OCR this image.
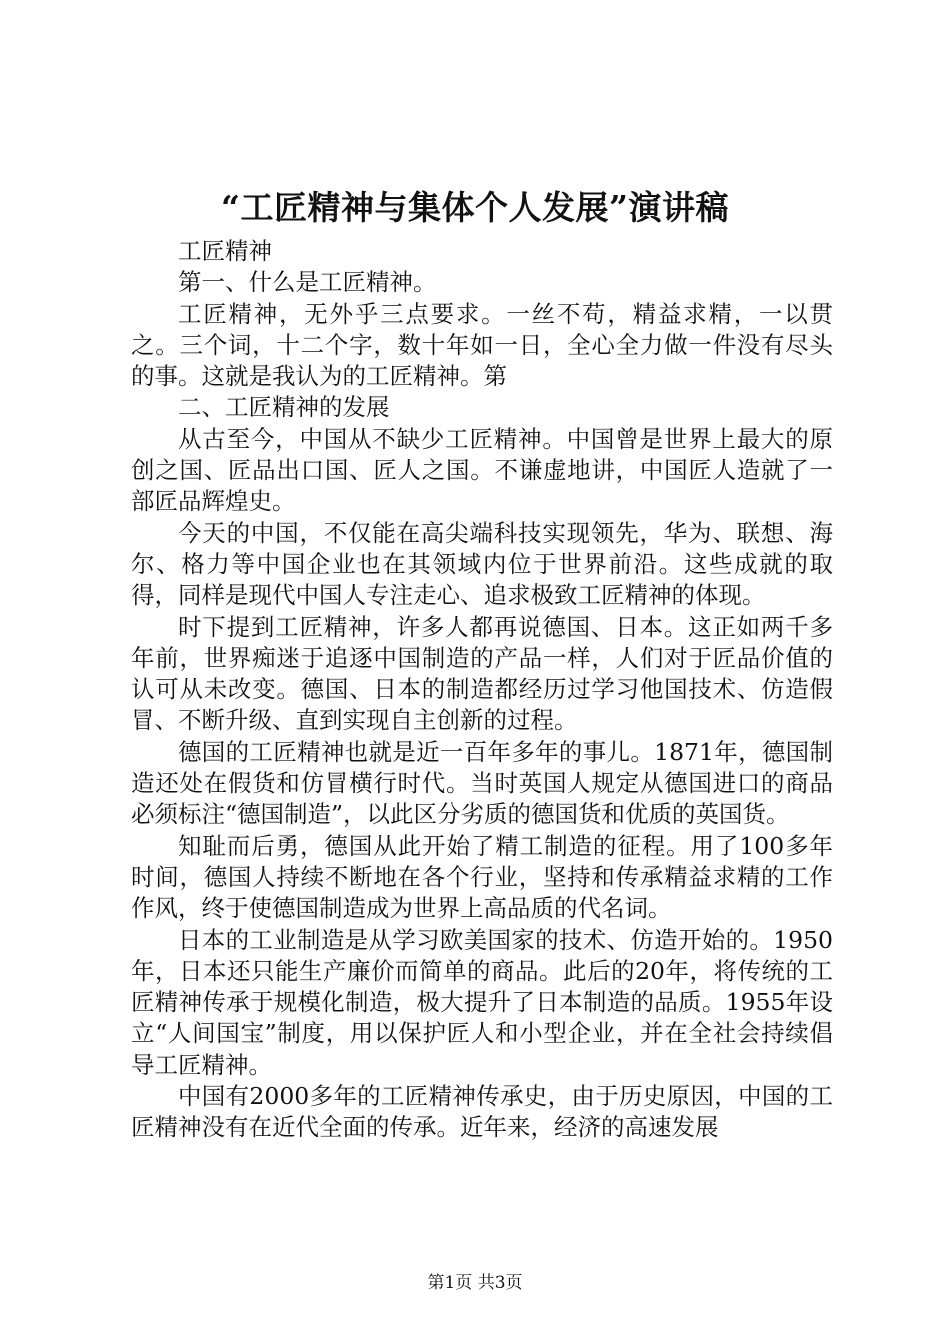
“工匠精神与集体个人发展”演讲稿

工匠精神

第一、什么是工匠精神。

工匠精神，无外乎三点要求。一丝不苟，精益求精，一以贯之。三个词，十二个字，数十年如一日，全心全力做一件没有尽头的事。这就是我认为的工匠精神。第

二、工匠精神的发展

从古至今，中国从不缺少工匠精神。中国曾是世界上最大的原创之国、匠品出口国、匠人之国。不谦虚地讲，中国匠人造就了一部匠品辉煌史。

今天的中国，不仅能在高尖端科技实现领先，华为、联想、海尔、格力等中国企业也在其领域内位于世界前沿。这些成就的取得，同样是现代中国人专注走心、追求极致工匠精神的体现。

时下提到工匠精神，许多人都再说德国、日本。这正如两千多年前，世界痴迷于追逐中国制造的产品一样，人们对于匠品价值的认可从未改变。德国、日本的制造都经历过学习他国技术、仿造假冒、不断升级、直到实现自主创新的过程。

德国的工匠精神也就是近一百年多年的事儿。1871年，德国制造还处在假货和仿冒横行时代。当时英国人规定从德国进口的商品必须标注“德国制造”，以此区分劣质的德国货和优质的英国货。

知耻而后勇，德国从此开始了精工制造的征程。用了100多年时间，德国人持续不断地在各个行业，坚持和传承精益求精的工作作风，终于使德国制造成为世界上高品质的代名词。

日本的工业制造是从学习欧美国家的技术、仿造开始的。1950年，日本还只能生产廉价而简单的商品。此后的20年，将传统的工匠精神传承于规模化制造，极大提升了日本制造的品质。1955年设立“人间国宝”制度，用以保护匠人和小型企业，并在全社会持续倡导工匠精神。

中国有2000多年的工匠精神传承史，由于历史原因，中国的工匠精神没有在近代全面的传承。近年来，经济的高速发展

第1页 共3页
